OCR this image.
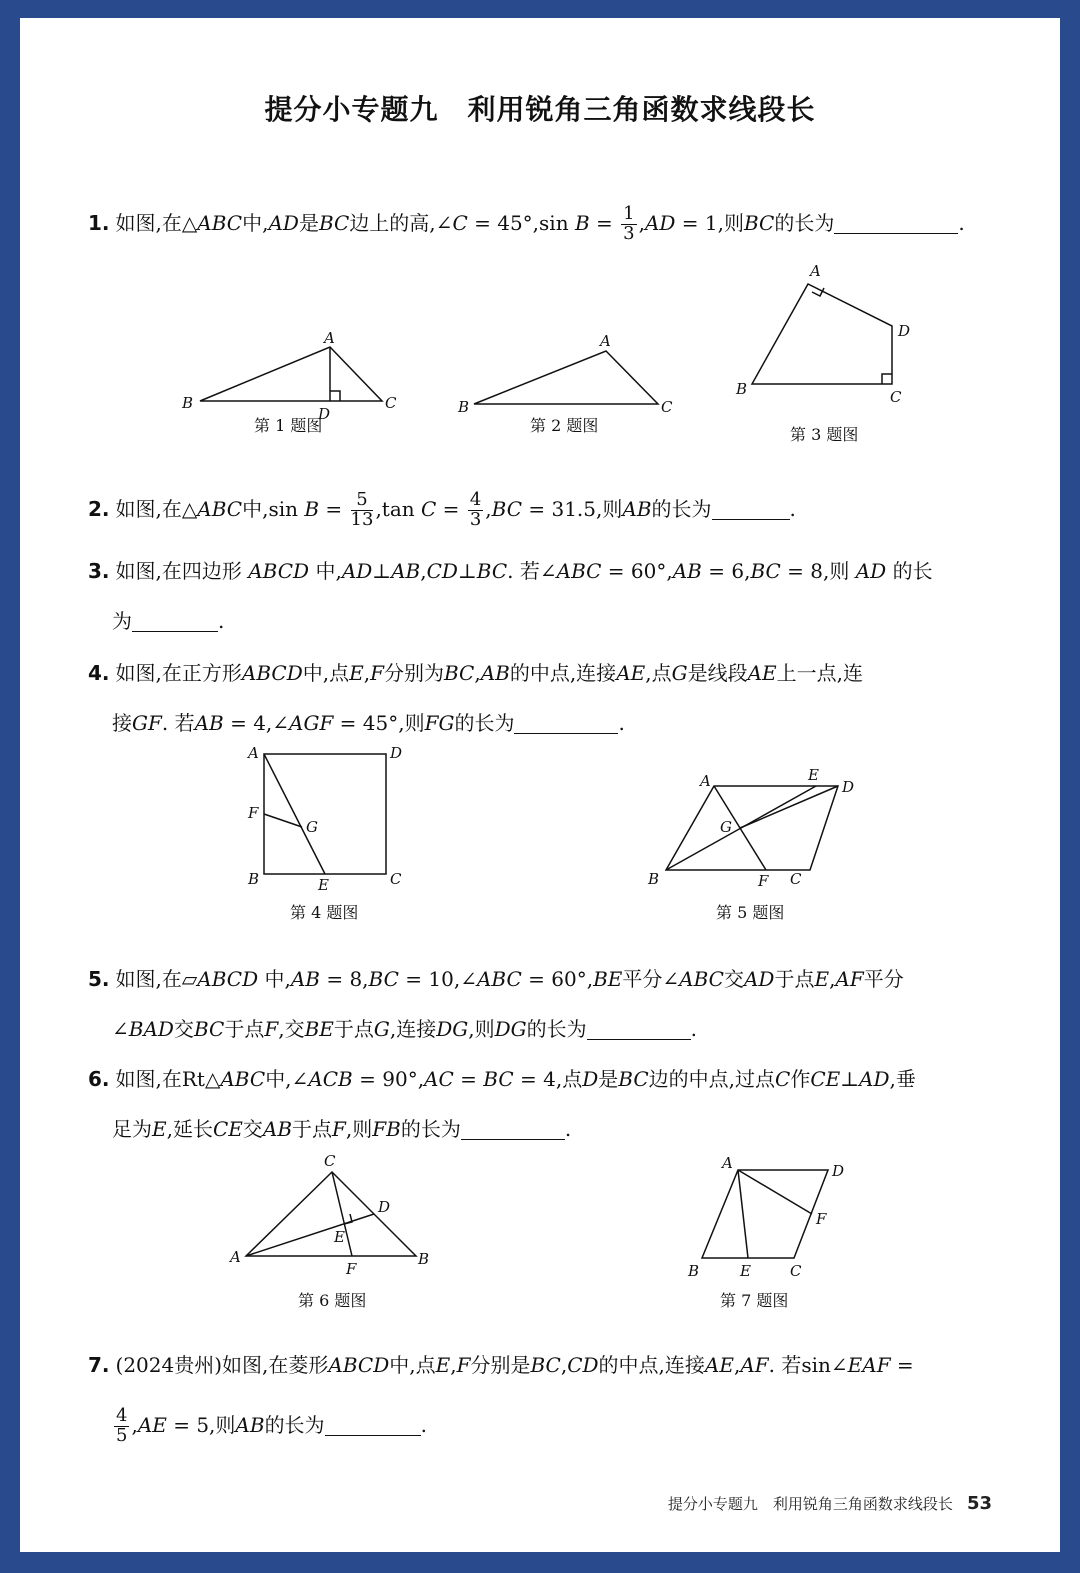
提分小专题九　利用锐角三角函数求线段长
1. 如图,在△ABC中,AD是BC边上的高,∠C = 45°,sin $B = \frac{1}{3} ,AD = 1$,则BC的长为	.
A
B	C
D
第 1 题图
A
B	C
第 2 题图
A
B	C
D
第 3 题图
2. 如图,在△ABC中,sin $B = \frac{5}{13} ,\tan$ $C = \frac{4}{3} ,BC = 31.5$,则AB的长为	.
3. 如图,在四边形 ABCD 中,AD⊥AB,CD⊥BC. 若∠ABC = 60°,AB = 6,BC = 8,则 AD 的长
为	.
4. 如图,在正方形ABCD中,点E,F分别为BC,AB的中点,连接AE,点G是线段AE上一点,连
接GF. 若AB = 4,∠AGF = 45°,则FG的长为	.
A	D
B	C
E
F
G
第 4 题图
A	E
D
B	F C
G
第 5 题图
5. 如图,在▱ABCD 中,AB = 8,BC = 10,∠ABC = 60°,BE平分∠ABC交AD于点E,AF平分
∠BAD交BC于点F,交BE于点G,连接DG,则DG的长为	.
6. 如图,在Rt△ABC中,∠ACB = 90°,AC = BC = 4,点D是BC边的中点,过点C作CE⊥AD,垂
足为E,延长CE交AB于点F,则FB的长为	.
C
A	B
D
E
F
第 6 题图
A	D
F
B	E	C
第 7 题图
7. (2024贵州)如图,在菱形ABCD中,点E,F分别是BC,CD的中点,连接AE,AF. 若sin∠EAF =

$\frac{4}{5} ,AE = 5$,则AB的长为	.
提分小专题九　利用锐角三角函数求线段长 53
